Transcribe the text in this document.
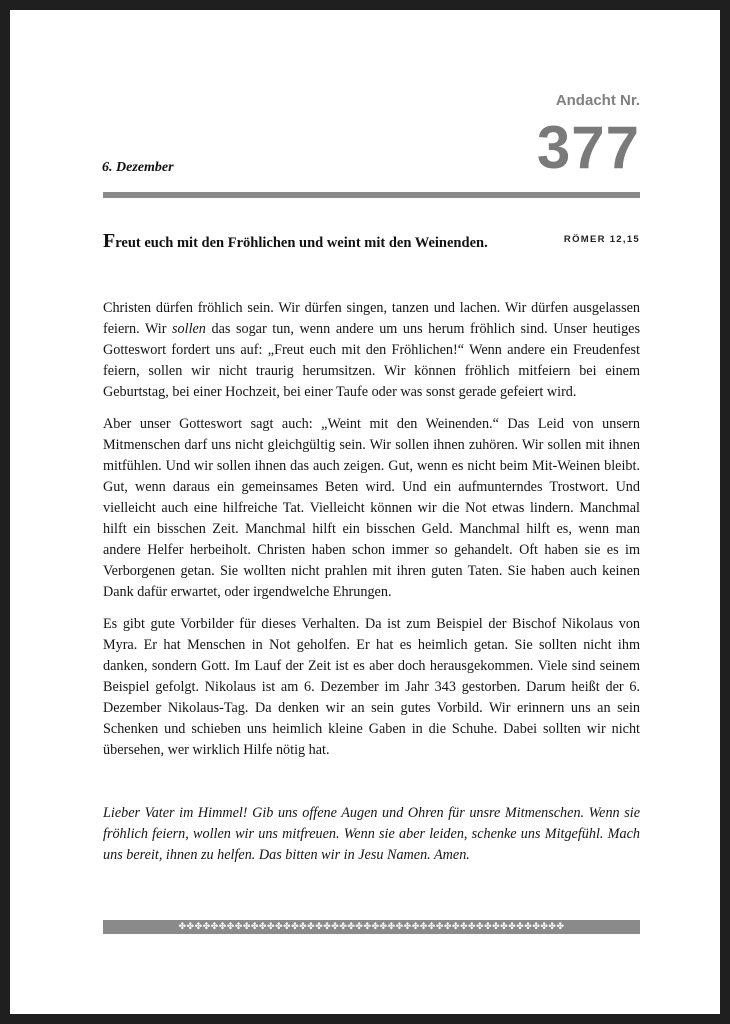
Andacht Nr.
377
6. Dezember
Freut euch mit den Fröhlichen und weint mit den Weinenden.	RÖMER 12,15

Christen dürfen fröhlich sein. Wir dürfen singen, tanzen und lachen. Wir dürfen ausgelassen feiern. Wir sollen das sogar tun, wenn andere um uns herum fröhlich sind. Unser heutiges Gotteswort fordert uns auf: „Freut euch mit den Fröhlichen!“ Wenn andere ein Freudenfest feiern, sollen wir nicht traurig herumsitzen. Wir können fröhlich mitfeiern bei einem Geburtstag, bei einer Hochzeit, bei einer Taufe oder was sonst gerade gefeiert wird.

Aber unser Gotteswort sagt auch: „Weint mit den Weinenden.“ Das Leid von unsern Mitmenschen darf uns nicht gleichgültig sein. Wir sollen ihnen zuhören. Wir sollen mit ihnen mitfühlen. Und wir sollen ihnen das auch zeigen. Gut, wenn es nicht beim Mit-Weinen bleibt. Gut, wenn daraus ein gemeinsames Beten wird. Und ein aufmunterndes Trostwort. Und vielleicht auch eine hilfreiche Tat. Vielleicht können wir die Not etwas lindern. Manchmal hilft ein bisschen Zeit. Manchmal hilft ein bisschen Geld. Manchmal hilft es, wenn man andere Helfer herbeiholt. Christen haben schon immer so gehandelt. Oft haben sie es im Verborgenen getan. Sie wollten nicht prahlen mit ihren guten Taten. Sie haben auch keinen Dank dafür erwartet, oder irgendwelche Ehrungen.

Es gibt gute Vorbilder für dieses Verhalten. Da ist zum Beispiel der Bischof Nikolaus von Myra. Er hat Menschen in Not geholfen. Er hat es heimlich getan. Sie sollten nicht ihm danken, sondern Gott. Im Lauf der Zeit ist es aber doch herausgekommen. Viele sind seinem Beispiel gefolgt. Nikolaus ist am 6. Dezember im Jahr 343 gestorben. Darum heißt der 6. Dezember Nikolaus-Tag. Da denken wir an sein gutes Vorbild. Wir erinnern uns an sein Schenken und schieben uns heimlich kleine Gaben in die Schuhe. Dabei sollten wir nicht übersehen, wer wirklich Hilfe nötig hat.

Lieber Vater im Himmel! Gib uns offene Augen und Ohren für unsre Mitmenschen. Wenn sie fröhlich feiern, wollen wir uns mitfreuen. Wenn sie aber leiden, schenke uns Mitgefühl. Mach uns bereit, ihnen zu helfen. Das bitten wir in Jesu Namen. Amen.

✤✤✤✤✤✤✤✤✤✤✤✤✤✤✤✤✤✤✤✤✤✤✤✤✤✤✤✤✤✤✤✤✤✤✤✤✤✤✤✤✤✤✤✤✤✤✤✤
